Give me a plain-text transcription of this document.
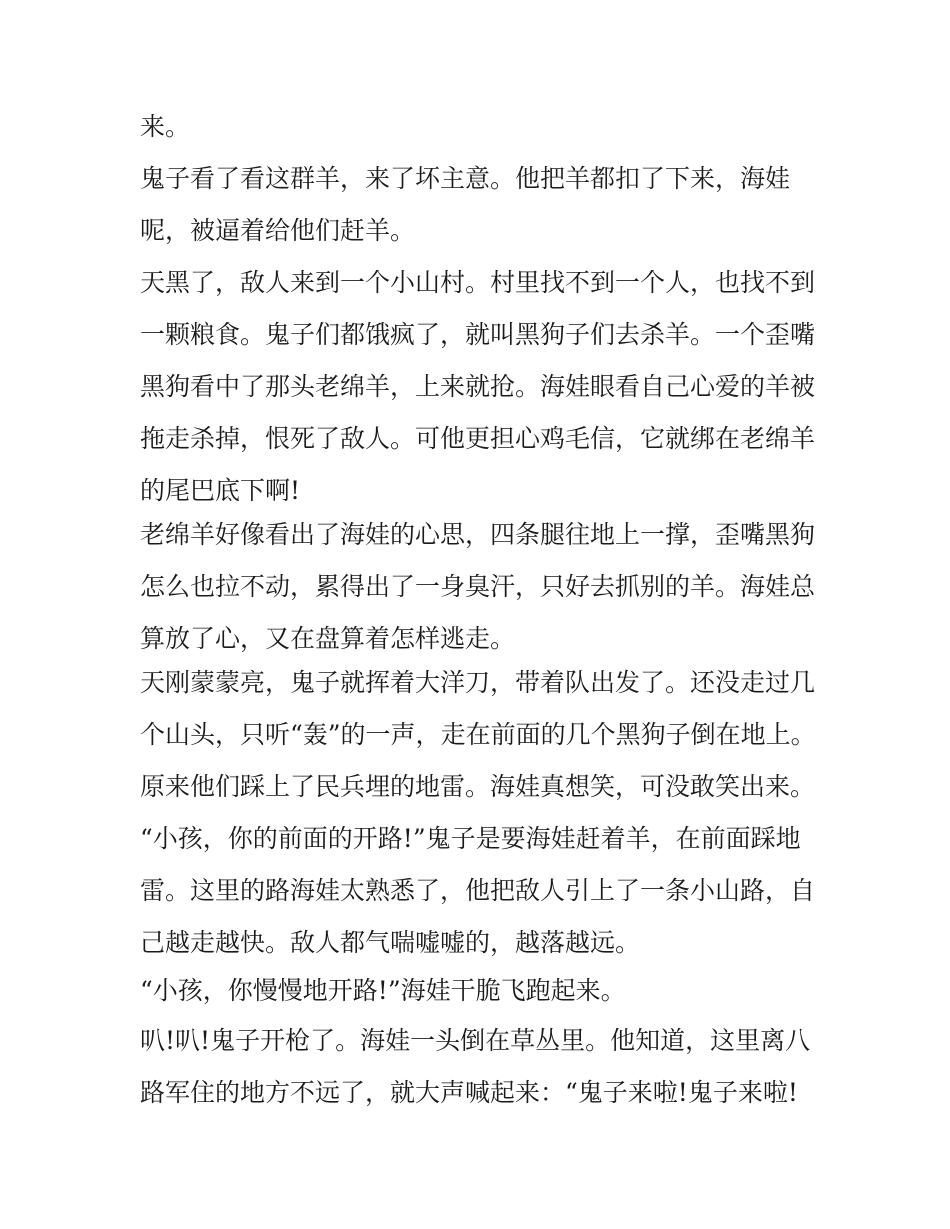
来。
鬼子看了看这群羊，来了坏主意。他把羊都扣了下来，海娃
呢，被逼着给他们赶羊。
天黑了，敌人来到一个小山村。村里找不到一个人，也找不到
一颗粮食。鬼子们都饿疯了，就叫黑狗子们去杀羊。一个歪嘴
黑狗看中了那头老绵羊，上来就抢。海娃眼看自己心爱的羊被
拖走杀掉，恨死了敌人。可他更担心鸡毛信，它就绑在老绵羊
的尾巴底下啊!
老绵羊好像看出了海娃的心思，四条腿往地上一撑，歪嘴黑狗
怎么也拉不动，累得出了一身臭汗，只好去抓别的羊。海娃总
算放了心，又在盘算着怎样逃走。
天刚蒙蒙亮，鬼子就挥着大洋刀，带着队出发了。还没走过几
个山头，只听“轰”的一声，走在前面的几个黑狗子倒在地上。
原来他们踩上了民兵埋的地雷。海娃真想笑，可没敢笑出来。
“小孩，你的前面的开路!”鬼子是要海娃赶着羊，在前面踩地
雷。这里的路海娃太熟悉了，他把敌人引上了一条小山路，自
己越走越快。敌人都气喘嘘嘘的，越落越远。
“小孩，你慢慢地开路!”海娃干脆飞跑起来。
叭!叭!鬼子开枪了。海娃一头倒在草丛里。他知道，这里离八
路军住的地方不远了，就大声喊起来：“鬼子来啦!鬼子来啦!
